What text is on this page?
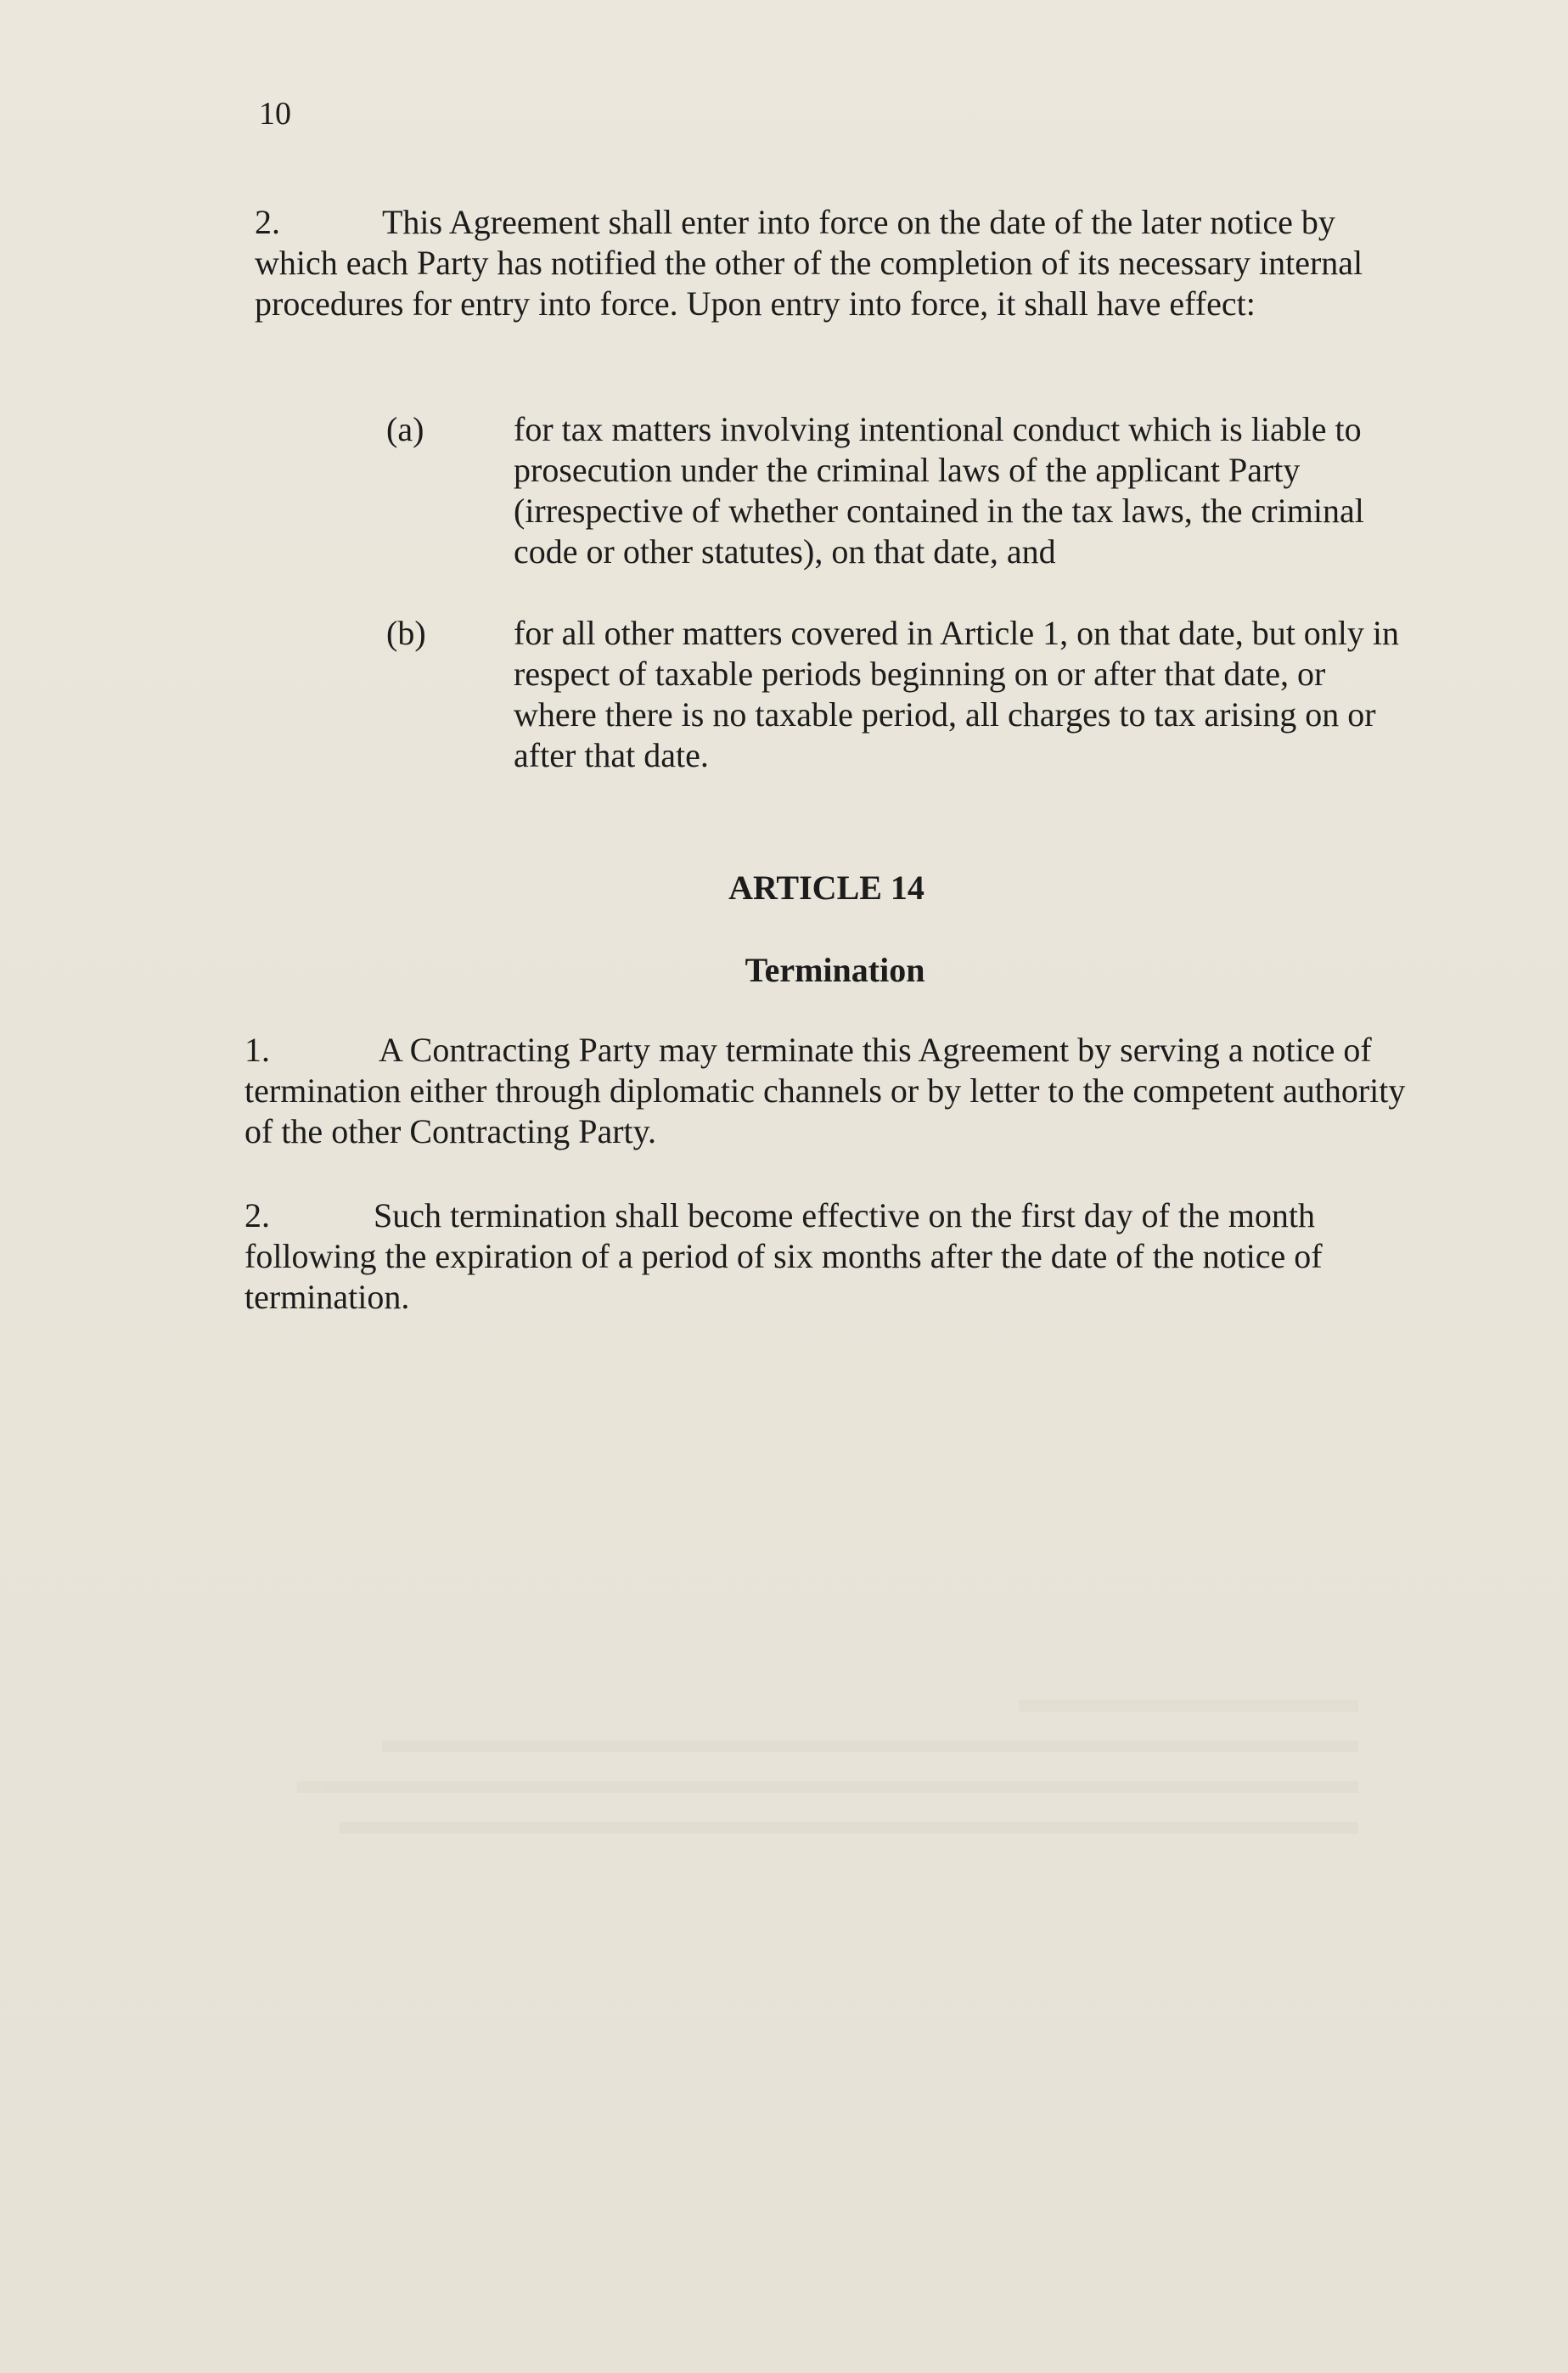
10

2.	This Agreement shall enter into force on the date of the later notice by which each Party has notified the other of the completion of its necessary internal procedures for entry into force. Upon entry into force, it shall have effect:

(a)	for tax matters involving intentional conduct which is liable to prosecution under the criminal laws of the applicant Party (irrespective of whether contained in the tax laws, the criminal code or other statutes), on that date, and
(b)	for all other matters covered in Article 1, on that date, but only in respect of taxable periods beginning on or after that date, or where there is no taxable period, all charges to tax arising on or after that date.
ARTICLE 14
Termination

1.	A Contracting Party may terminate this Agreement by serving a notice of termination either through diplomatic channels or by letter to the competent authority of the other Contracting Party.

2.	Such termination shall become effective on the first day of the month following the expiration of a period of six months after the date of the notice of termination.
